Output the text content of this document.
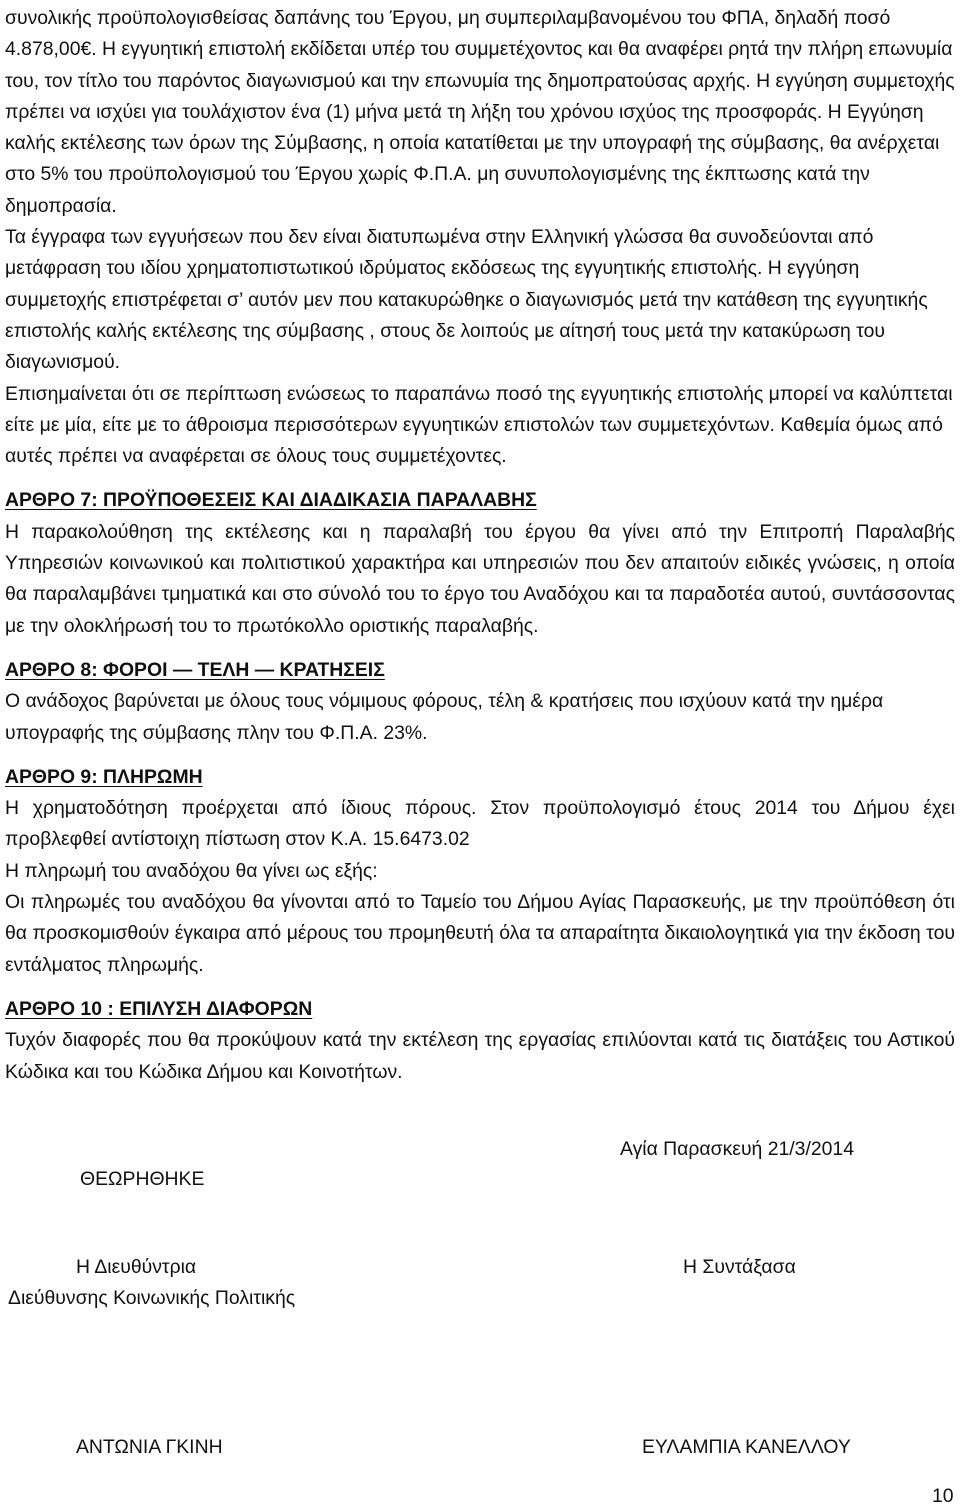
συνολικής προϋπολογισθείσας δαπάνης του Έργου, μη συμπεριλαμβανομένου του ΦΠΑ, δηλαδή ποσό 4.878,00€. Η εγγυητική επιστολή εκδίδεται υπέρ του συμμετέχοντος και θα αναφέρει ρητά την πλήρη επωνυμία του, τον τίτλο του παρόντος διαγωνισμού και την επωνυμία της δημοπρατούσας αρχής. Η εγγύηση συμμετοχής πρέπει να ισχύει για τουλάχιστον ένα (1) μήνα μετά τη λήξη του χρόνου ισχύος της προσφοράς. Η Εγγύηση καλής εκτέλεσης των όρων της Σύμβασης, η οποία κατατίθεται με την υπογραφή της σύμβασης, θα ανέρχεται στο 5% του προϋπολογισμού του Έργου χωρίς Φ.Π.Α. μη συνυπολογισμένης της έκπτωσης κατά την δημοπρασία.

Τα έγγραφα των εγγυήσεων που δεν είναι διατυπωμένα στην Ελληνική γλώσσα θα συνοδεύονται από μετάφραση του ιδίου χρηματοπιστωτικού ιδρύματος εκδόσεως της εγγυητικής επιστολής. Η εγγύηση συμμετοχής επιστρέφεται σ’ αυτόν μεν που κατακυρώθηκε ο διαγωνισμός μετά την κατάθεση της εγγυητικής επιστολής καλής εκτέλεσης της σύμβασης , στους δε λοιπούς με αίτησή τους μετά την κατακύρωση του διαγωνισμού.

Επισημαίνεται ότι σε περίπτωση ενώσεως το παραπάνω ποσό της εγγυητικής επιστολής μπορεί να καλύπτεται είτε με μία, είτε με το άθροισμα περισσότερων εγγυητικών επιστολών των συμμετεχόντων. Καθεμία όμως από αυτές πρέπει να αναφέρεται σε όλους τους συμμετέχοντες.

ΑΡΘΡΟ 7: ΠΡΟΫΠΟΘΕΣΕΙΣ ΚΑΙ ΔΙΑΔΙΚΑΣΙΑ ΠΑΡΑΛΑΒΗΣ

Η παρακολούθηση της εκτέλεσης και η παραλαβή του έργου θα γίνει από την Επιτροπή Παραλαβής Υπηρεσιών κοινωνικού και πολιτιστικού χαρακτήρα και υπηρεσιών που δεν απαιτούν ειδικές γνώσεις, η οποία θα παραλαμβάνει τμηματικά και στο σύνολό του το έργο του Αναδόχου και τα παραδοτέα αυτού, συντάσσοντας με την ολοκλήρωσή του το πρωτόκολλο οριστικής παραλαβής.

ΑΡΘΡΟ 8: ΦΟΡΟΙ — ΤΕΛΗ — ΚΡΑΤΗΣΕΙΣ

Ο ανάδοχος βαρύνεται με όλους τους νόμιμους φόρους, τέλη & κρατήσεις που ισχύουν κατά την ημέρα υπογραφής της σύμβασης πλην του Φ.Π.Α. 23%.

ΑΡΘΡΟ 9: ΠΛΗΡΩΜΗ

Η χρηματοδότηση προέρχεται από ίδιους πόρους. Στον προϋπολογισμό έτους 2014 του Δήμου έχει προβλεφθεί αντίστοιχη πίστωση στον Κ.Α. 15.6473.02

Η πληρωμή του αναδόχου θα γίνει ως εξής:

Οι πληρωμές του αναδόχου θα γίνονται από το Ταμείο του Δήμου Αγίας Παρασκευής, με την προϋπόθεση ότι θα προσκομισθούν έγκαιρα από μέρους του προμηθευτή όλα τα απαραίτητα δικαιολογητικά για την έκδοση του εντάλματος πληρωμής.

ΑΡΘΡΟ 10 : ΕΠΙΛΥΣΗ ΔΙΑΦΟΡΩΝ

Τυχόν διαφορές που θα προκύψουν κατά την εκτέλεση της εργασίας επιλύονται κατά τις διατάξεις του Αστικού Κώδικα και του Κώδικα Δήμου και Κοινοτήτων.

Αγία Παρασκευή 21/3/2014
ΘΕΩΡΗΘΗΚΕ
Η Διευθύντρια
Διεύθυνσης Κοινωνικής Πολιτικής
Η Συντάξασα
ΑΝΤΩΝΙΑ ΓΚΙΝΗ	ΕΥΛΑΜΠΙΑ ΚΑΝΕΛΛΟΥ
10
